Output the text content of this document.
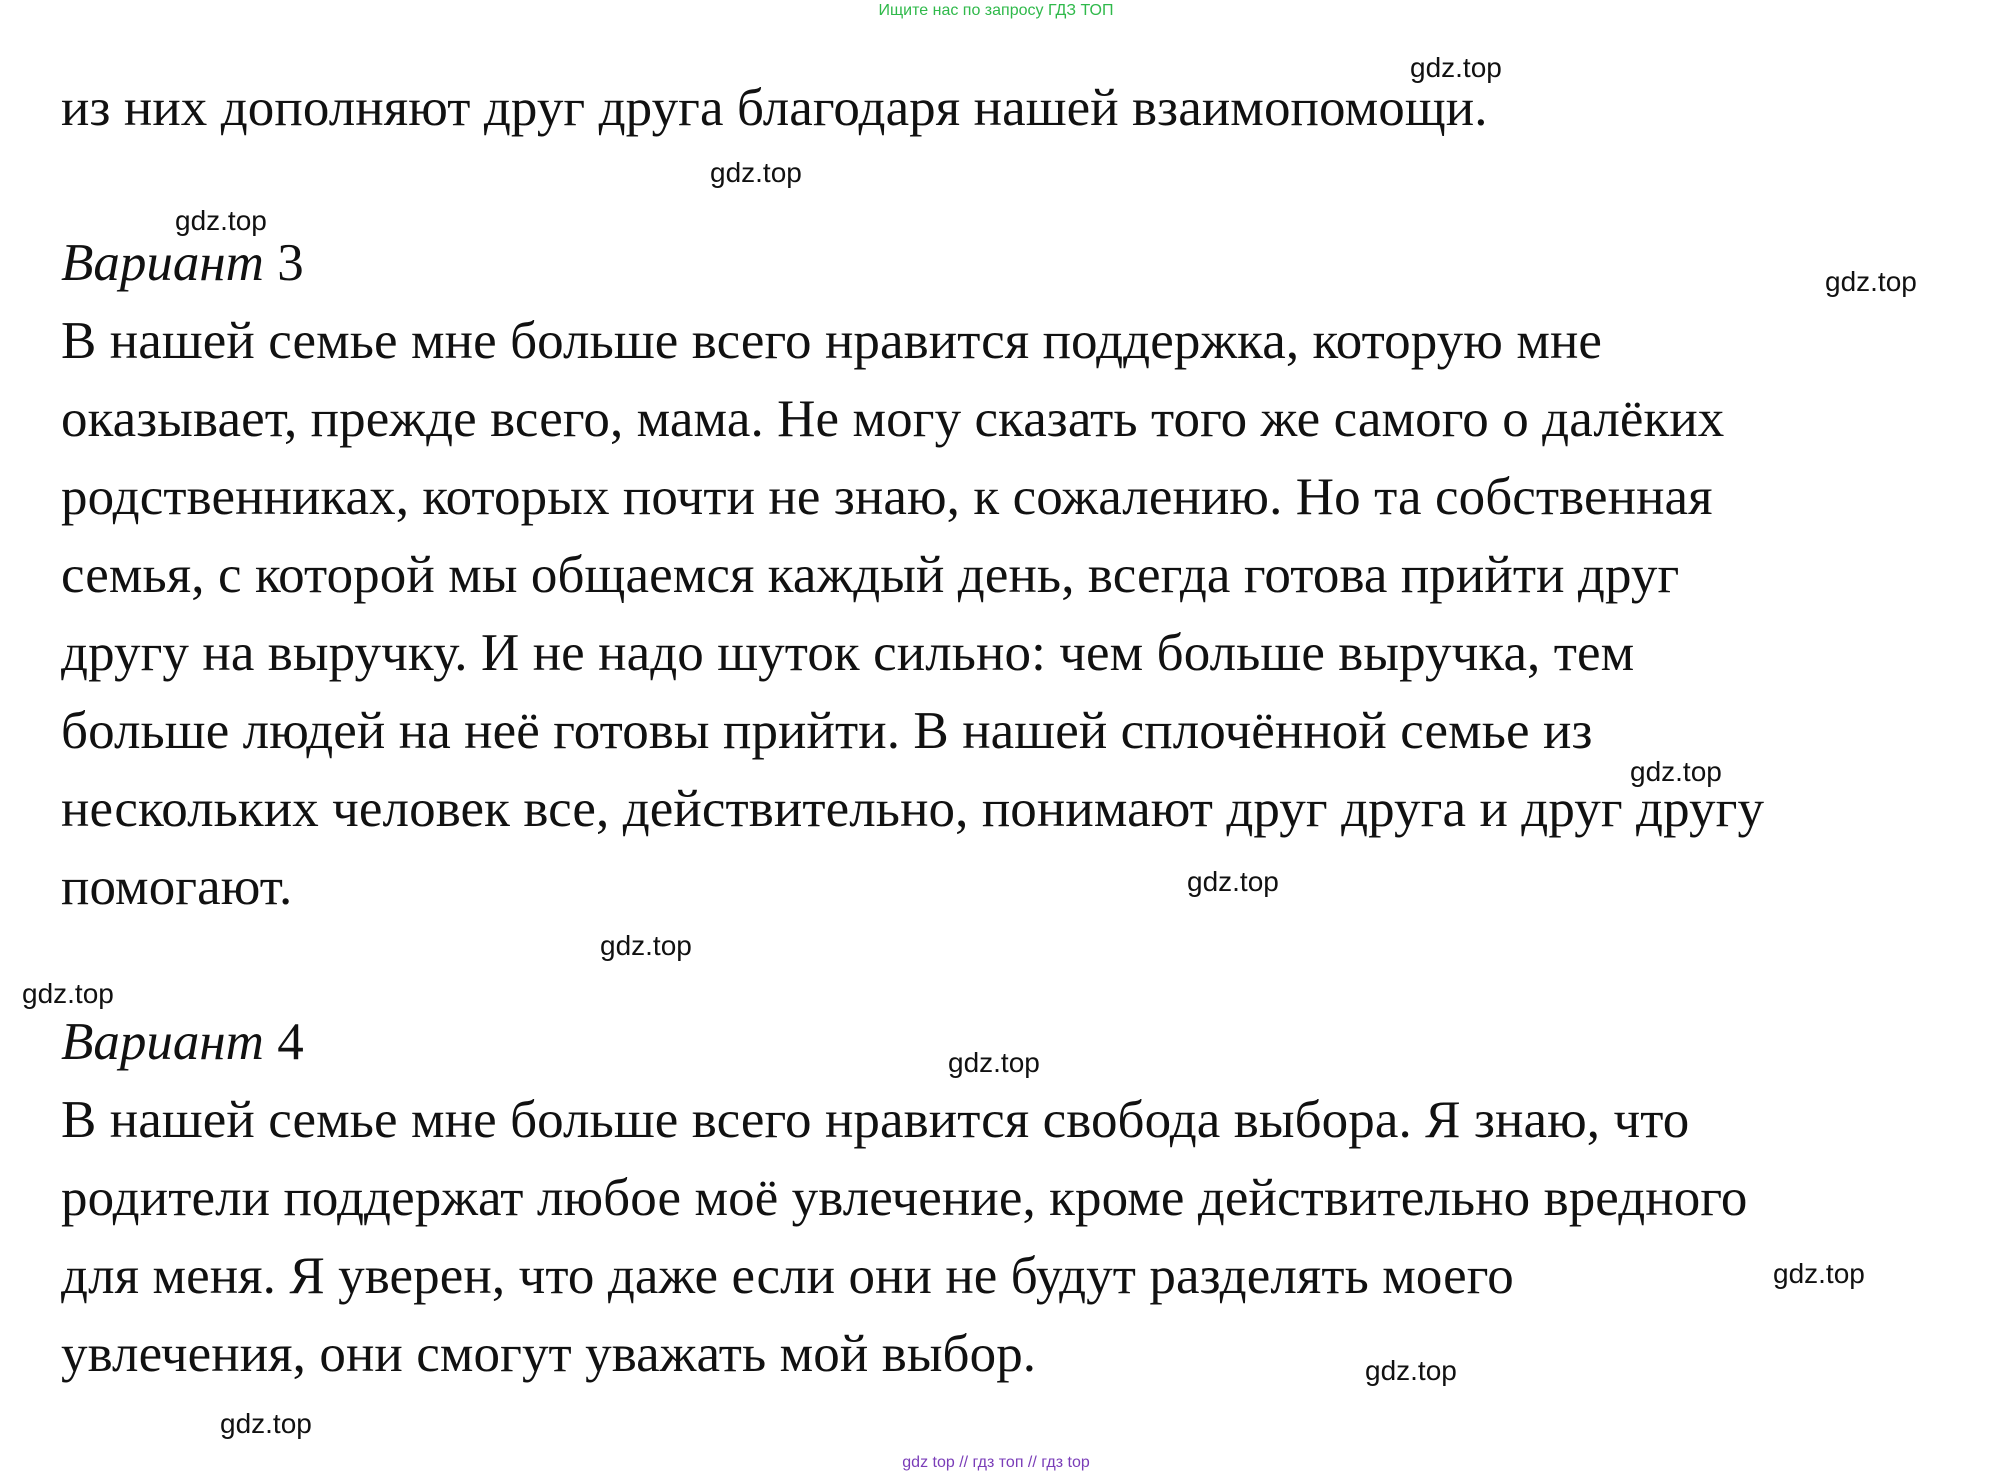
Ищите нас по запросу ГДЗ ТОП
из них дополняют друг друга благодаря нашей взаимопомощи.
Вариант 3
В нашей семье мне больше всего нравится поддержка, которую мне
оказывает, прежде всего, мама. Не могу сказать того же самого о далёких
родственниках, которых почти не знаю, к сожалению. Но та собственная
семья, с которой мы общаемся каждый день, всегда готова прийти друг
другу на выручку. И не надо шуток сильно: чем больше выручка, тем
больше людей на неё готовы прийти. В нашей сплочённой семье из
нескольких человек все, действительно, понимают друг друга и друг другу
помогают.
Вариант 4
В нашей семье мне больше всего нравится свобода выбора. Я знаю, что
родители поддержат любое моё увлечение, кроме действительно вредного
для меня. Я уверен, что даже если они не будут разделять моего
увлечения, они смогут уважать мой выбор.
gdz.top
gdz.top
gdz.top
gdz.top
gdz.top
gdz.top
gdz.top
gdz.top
gdz.top
gdz.top
gdz.top
gdz.top
gdz top // гдз топ // гдз top
